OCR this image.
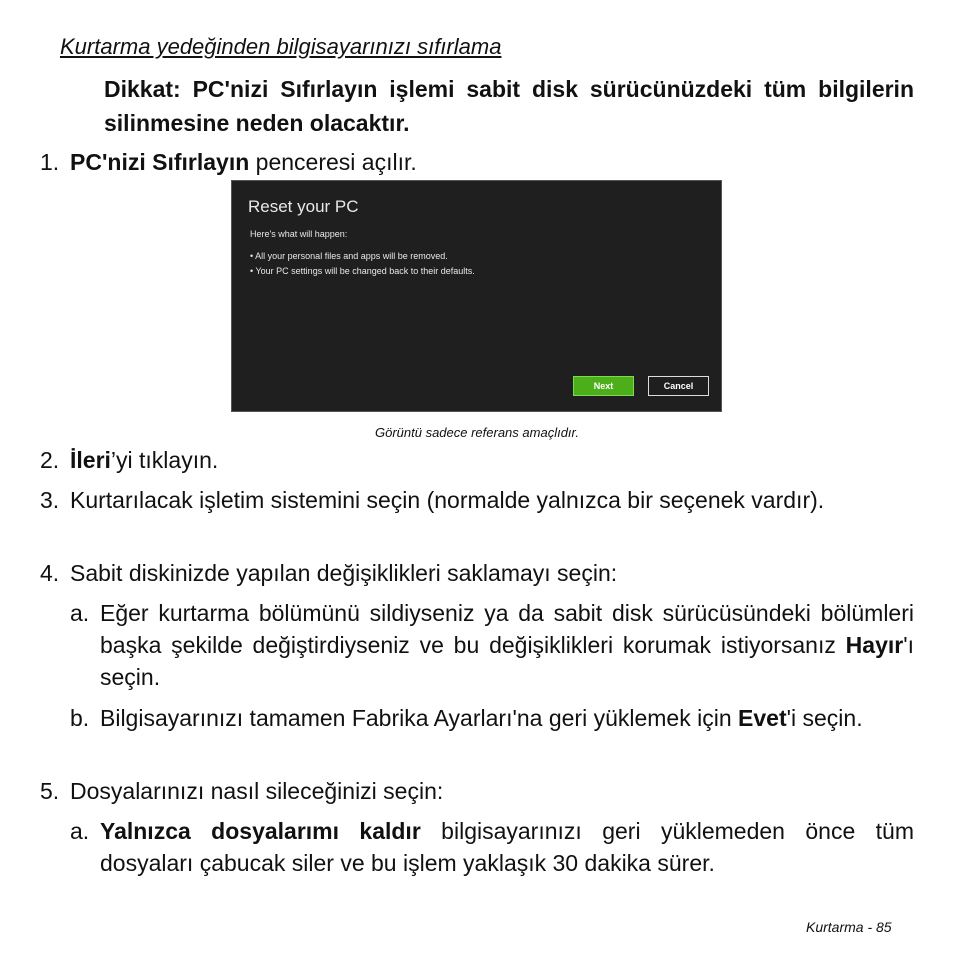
Kurtarma yedeğinden bilgisayarınızı sıfırlama
Dikkat: PC'nizi Sıfırlayın işlemi sabit disk sürücünüzdeki tüm bilgilerin silinmesine neden olacaktır.
1. PC'nizi Sıfırlayın penceresi açılır.
Reset your PC
Here's what will happen:
• All your personal files and apps will be removed.
• Your PC settings will be changed back to their defaults.
Next	Cancel
Görüntü sadece referans amaçlıdır.
2. İleri’yi tıklayın.
3. Kurtarılacak işletim sistemini seçin (normalde yalnızca bir seçenek vardır).
4. Sabit diskinizde yapılan değişiklikleri saklamayı seçin:
a. Eğer kurtarma bölümünü sildiyseniz ya da sabit disk sürücüsündeki bölümleri başka şekilde değiştirdiyseniz ve bu değişiklikleri korumak istiyorsanız Hayır'ı seçin.
b. Bilgisayarınızı tamamen Fabrika Ayarları'na geri yüklemek için Evet'i seçin.
5. Dosyalarınızı nasıl sileceğinizi seçin:
a. Yalnızca dosyalarımı kaldır bilgisayarınızı geri yüklemeden önce tüm dosyaları çabucak siler ve bu işlem yaklaşık 30 dakika sürer.
Kurtarma - 85
